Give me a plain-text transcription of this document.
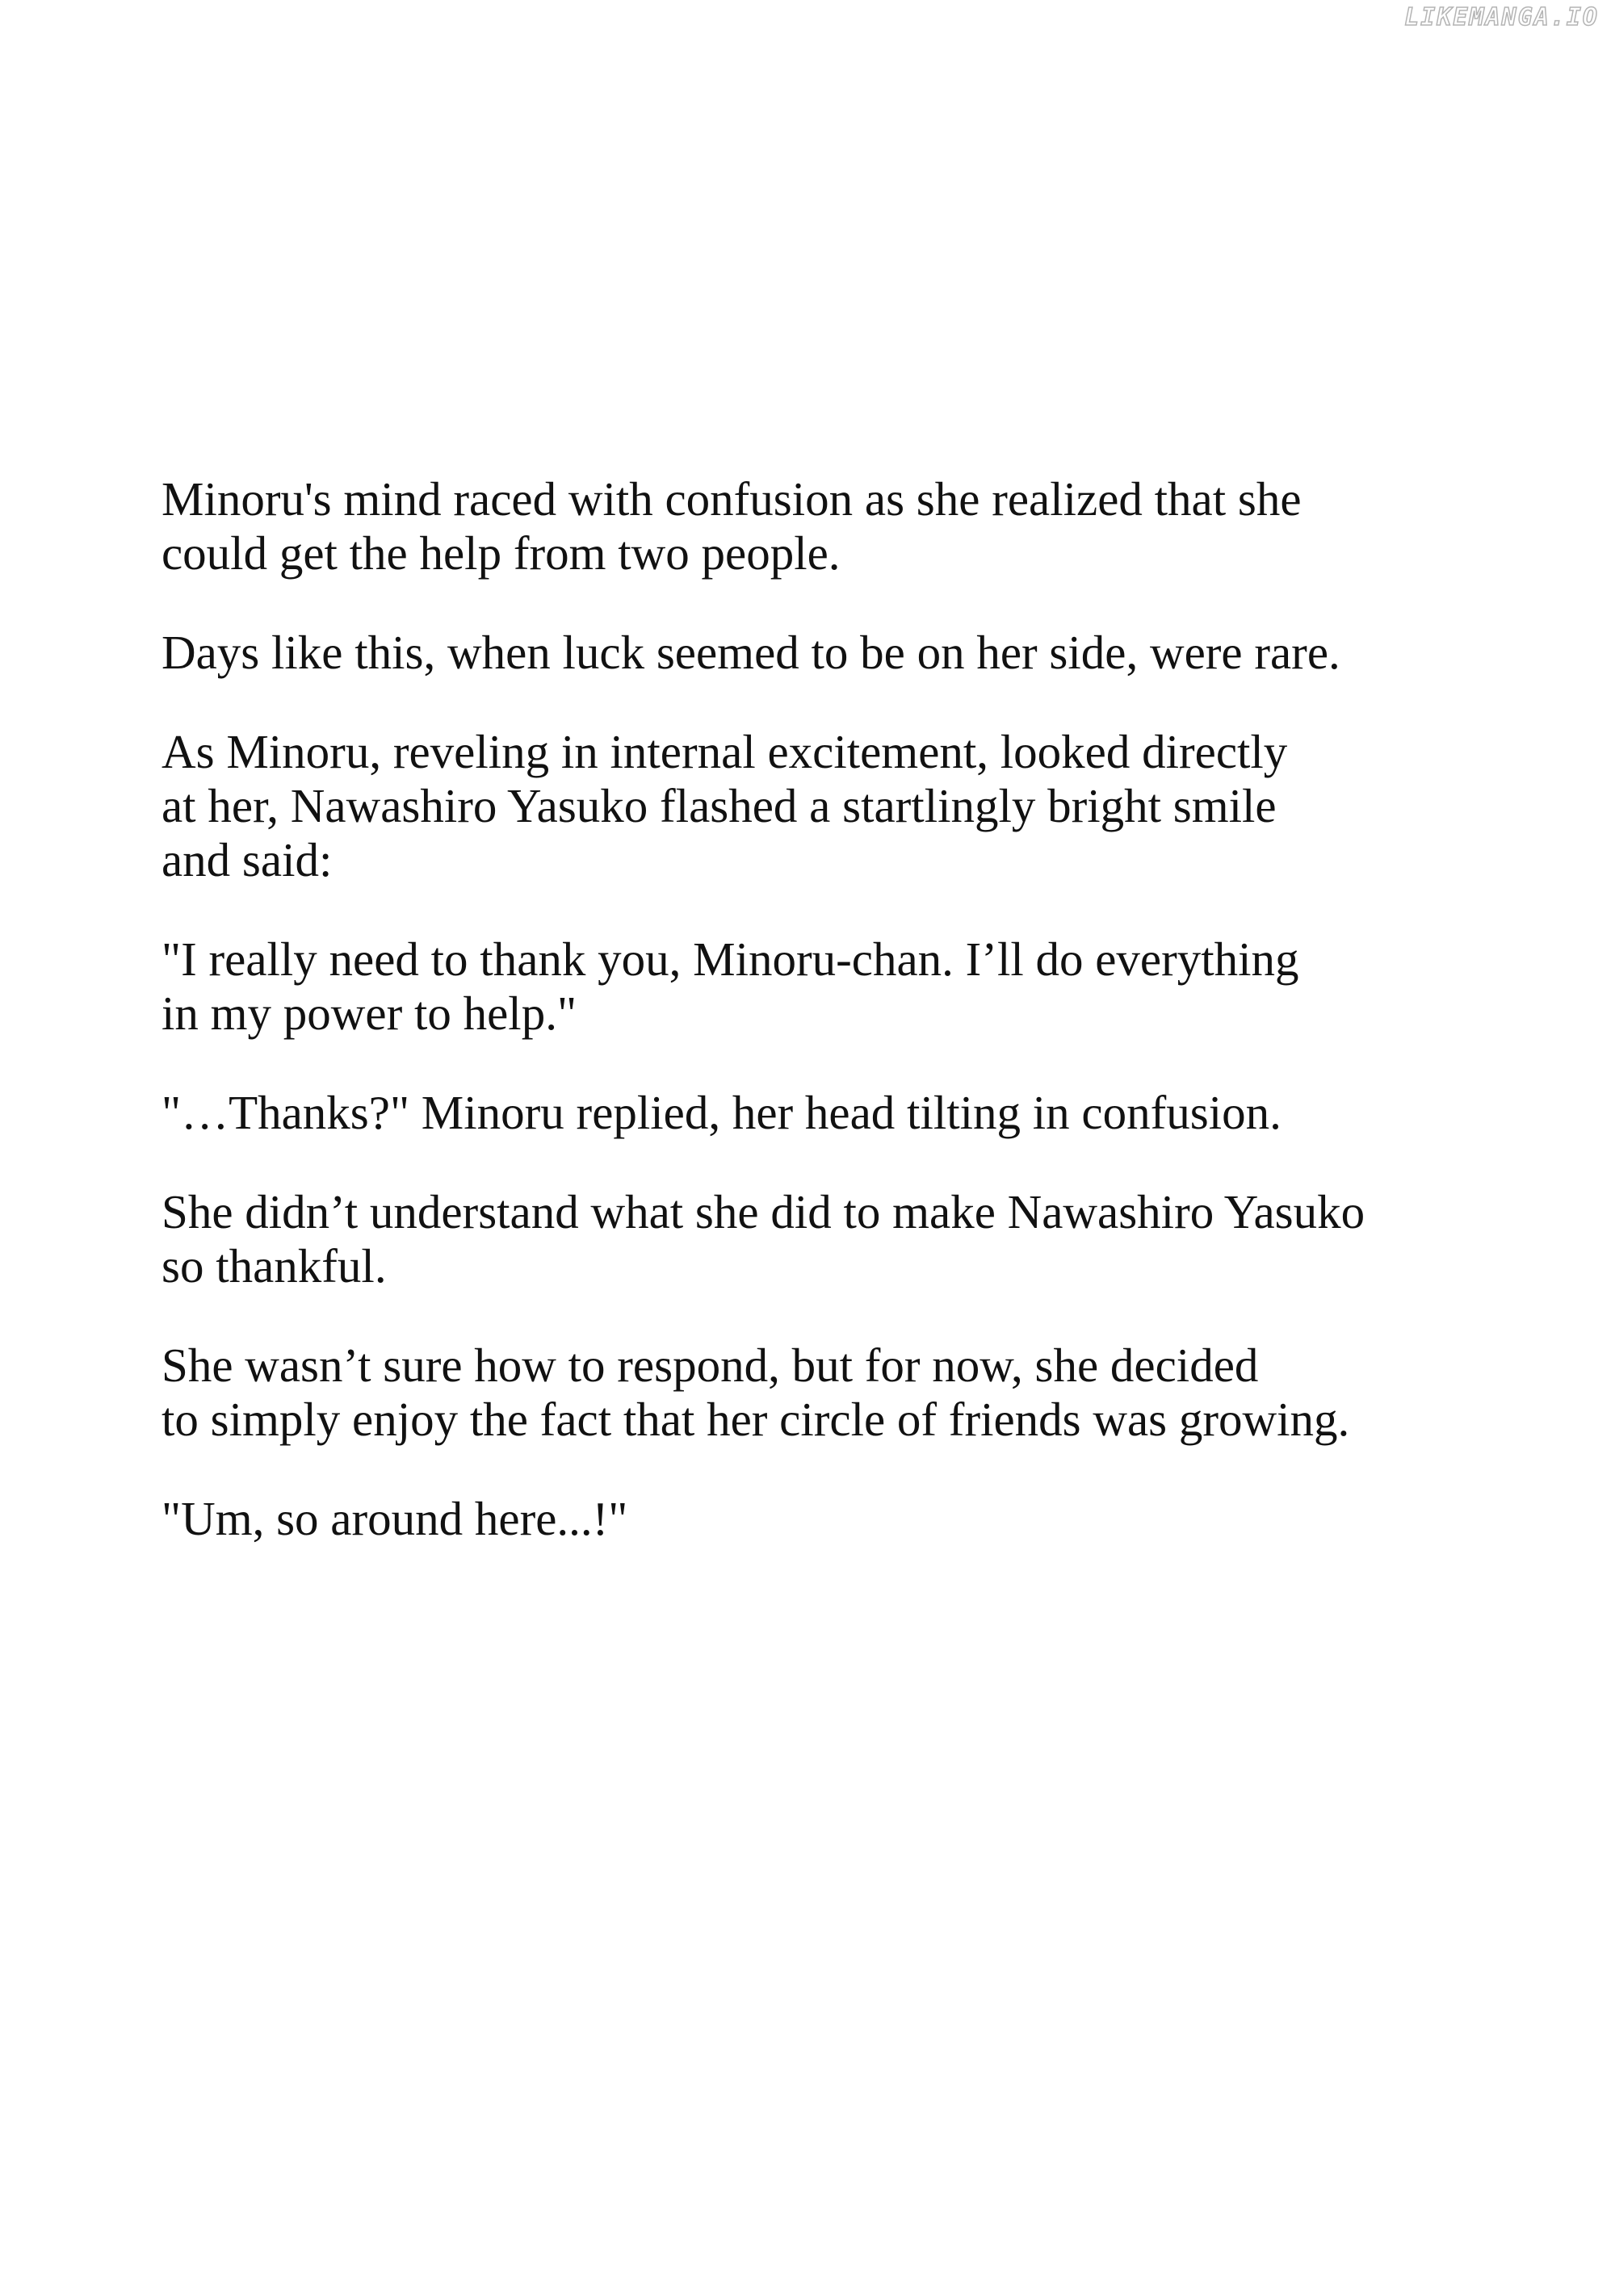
LIKEMANGA.IO

Minoru's mind raced with confusion as she realized that she
could get the help from two people.

Days like this, when luck seemed to be on her side, were rare.

As Minoru, reveling in internal excitement, looked directly
at her, Nawashiro Yasuko flashed a startlingly bright smile
and said:

"I really need to thank you, Minoru-chan. I’ll do everything
in my power to help."

"…Thanks?" Minoru replied, her head tilting in confusion.

She didn’t understand what she did to make Nawashiro Yasuko
so thankful.

She wasn’t sure how to respond, but for now, she decided
to simply enjoy the fact that her circle of friends was growing.

"Um, so around here...!"
